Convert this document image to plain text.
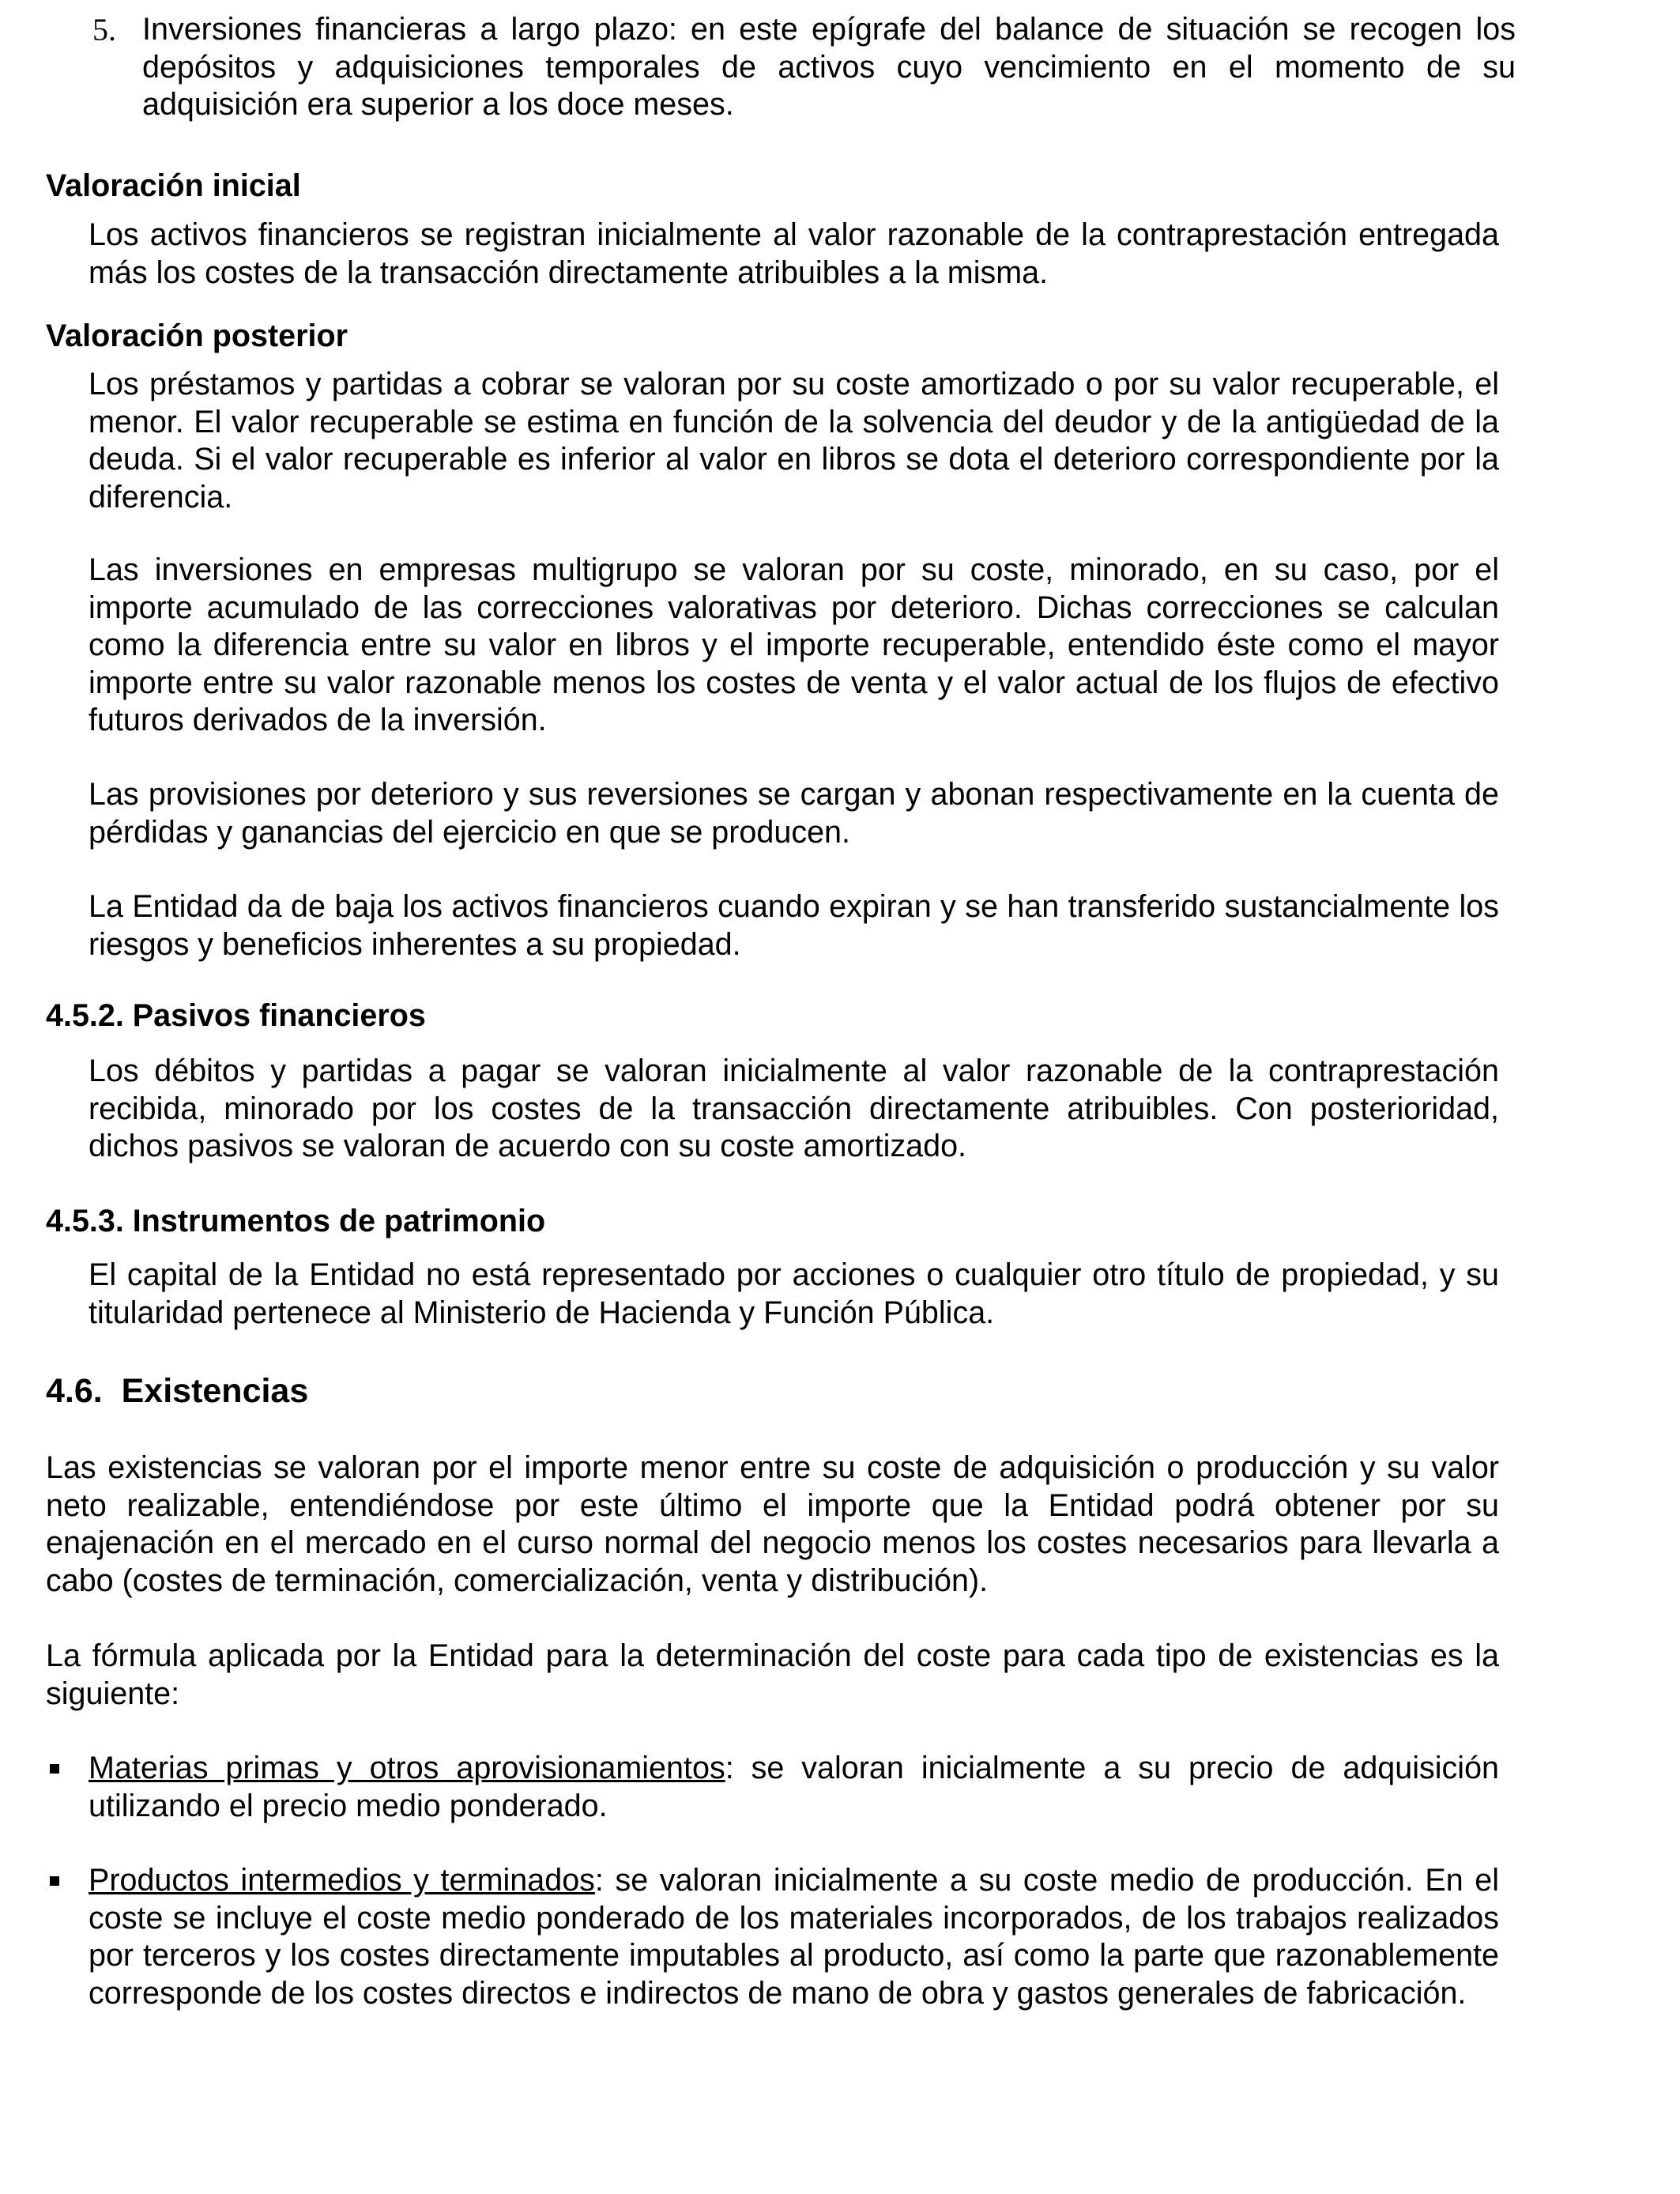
5. Inversiones financieras a largo plazo: en este epígrafe del balance de situación se recogen los depósitos y adquisiciones temporales de activos cuyo vencimiento en el momento de su adquisición era superior a los doce meses.

Valoración inicial

Los activos financieros se registran inicialmente al valor razonable de la contraprestación entregada más los costes de la transacción directamente atribuibles a la misma.

Valoración posterior

Los préstamos y partidas a cobrar se valoran por su coste amortizado o por su valor recuperable, el menor. El valor recuperable se estima en función de la solvencia del deudor y de la antigüedad de la deuda. Si el valor recuperable es inferior al valor en libros se dota el deterioro correspondiente por la diferencia.

Las inversiones en empresas multigrupo se valoran por su coste, minorado, en su caso, por el importe acumulado de las correcciones valorativas por deterioro. Dichas correcciones se calculan como la diferencia entre su valor en libros y el importe recuperable, entendido éste como el mayor importe entre su valor razonable menos los costes de venta y el valor actual de los flujos de efectivo futuros derivados de la inversión.

Las provisiones por deterioro y sus reversiones se cargan y abonan respectivamente en la cuenta de pérdidas y ganancias del ejercicio en que se producen.

La Entidad da de baja los activos financieros cuando expiran y se han transferido sustancialmente los riesgos y beneficios inherentes a su propiedad.

4.5.2. Pasivos financieros

Los débitos y partidas a pagar se valoran inicialmente al valor razonable de la contraprestación recibida, minorado por los costes de la transacción directamente atribuibles. Con posterioridad, dichos pasivos se valoran de acuerdo con su coste amortizado.

4.5.3. Instrumentos de patrimonio

El capital de la Entidad no está representado por acciones o cualquier otro título de propiedad, y su titularidad pertenece al Ministerio de Hacienda y Función Pública.

4.6.  Existencias

Las existencias se valoran por el importe menor entre su coste de adquisición o producción y su valor neto realizable, entendiéndose por este último el importe que la Entidad podrá obtener por su enajenación en el mercado en el curso normal del negocio menos los costes necesarios para llevarla a cabo (costes de terminación, comercialización, venta y distribución).

La fórmula aplicada por la Entidad para la determinación del coste para cada tipo de existencias es la siguiente:

Materias primas y otros aprovisionamientos: se valoran inicialmente a su precio de adquisición utilizando el precio medio ponderado.

Productos intermedios y terminados: se valoran inicialmente a su coste medio de producción. En el coste se incluye el coste medio ponderado de los materiales incorporados, de los trabajos realizados por terceros y los costes directamente imputables al producto, así como la parte que razonablemente corresponde de los costes directos e indirectos de mano de obra y gastos generales de fabricación.
